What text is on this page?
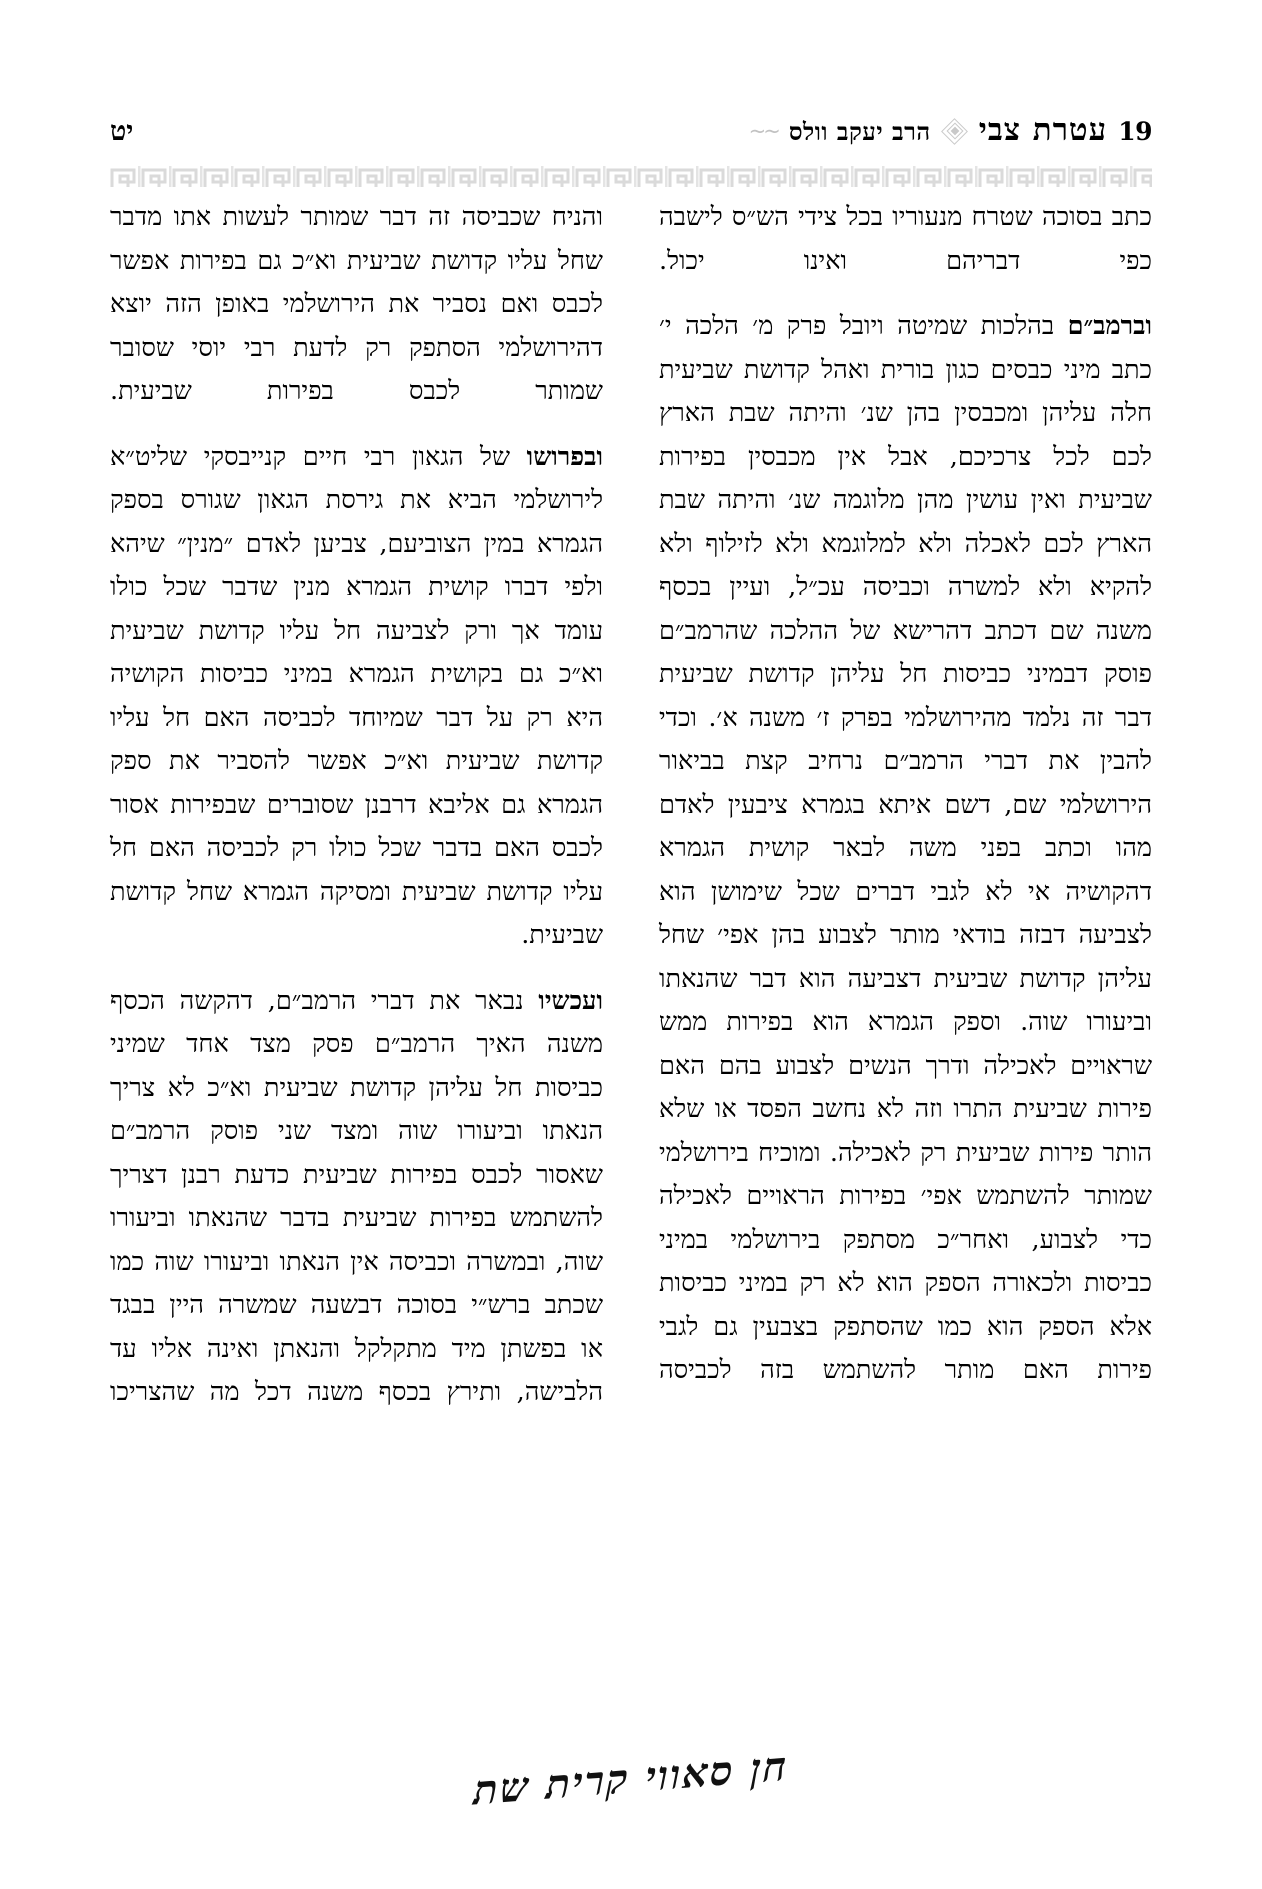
19
עטרת צבי
הרב יעקב וולס
~~
יט

כתב בסוכה שטרח מנעוריו בכל צידי הש״ס לישבה כפי דבריהם ואינו יכול.

וברמב״ם בהלכות שמיטה ויובל פרק מ׳ הלכה י׳ כתב מיני כבסים כגון בורית ואהל קדושת שביעית חלה עליהן ומכבסין בהן שנ׳ והיתה שבת הארץ לכם לכל צרכיכם, אבל אין מכבסין בפירות שביעית ואין עושין מהן מלוגמה שנ׳ והיתה שבת הארץ לכם לאכלה ולא למלוגמא ולא לזילוף ולא להקיא ולא למשרה וכביסה עכ״ל, ועיין בכסף משנה שם דכתב דהרישא של ההלכה שהרמב״ם פוסק דבמיני כביסות חל עליהן קדושת שביעית דבר זה נלמד מהירושלמי בפרק ז׳ משנה א׳. וכדי להבין את דברי הרמב״ם נרחיב קצת בביאור הירושלמי שם, דשם איתא בגמרא ציבעין לאדם מהו וכתב בפני משה לבאר קושית הגמרא דהקושיה אי לא לגבי דברים שכל שימושן הוא לצביעה דבזה בודאי מותר לצבוע בהן אפי׳ שחל עליהן קדושת שביעית דצביעה הוא דבר שהנאתו וביעורו שוה. וספק הגמרא הוא בפירות ממש שראויים לאכילה ודרך הנשים לצבוע בהם האם פירות שביעית התרו וזה לא נחשב הפסד או שלא הותר פירות שביעית רק לאכילה. ומוכיח בירושלמי שמותר להשתמש אפי׳ בפירות הראויים לאכילה כדי לצבוע, ואחר״כ מסתפק בירושלמי במיני כביסות ולכאורה הספק הוא לא רק במיני כביסות אלא הספק הוא כמו שהסתפק בצבעין גם לגבי פירות האם מותר להשתמש בזה לכביסה

והניח שכביסה זה דבר שמותר לעשות אתו מדבר שחל עליו קדושת שביעית וא״כ גם בפירות אפשר לכבס ואם נסביר את הירושלמי באופן הזה יוצא דהירושלמי הסתפק רק לדעת רבי יוסי שסובר שמותר לכבס בפירות שביעית.

ובפרושו של הגאון רבי חיים קנייבסקי שליט״א לירושלמי הביא את גירסת הגאון שגורס בספק הגמרא במין הצוביעם, צביען לאדם ״מנין״ שיהא ולפי דברו קושית הגמרא מנין שדבר שכל כולו עומד אך ורק לצביעה חל עליו קדושת שביעית וא״כ גם בקושית הגמרא במיני כביסות הקושיה היא רק על דבר שמיוחד לכביסה האם חל עליו קדושת שביעית וא״כ אפשר להסביר את ספק הגמרא גם אליבא דרבנן שסוברים שבפירות אסור לכבס האם בדבר שכל כולו רק לכביסה האם חל עליו קדושת שביעית ומסיקה הגמרא שחל קדושת שביעית.

ועכשיו נבאר את דברי הרמב״ם, דהקשה הכסף משנה האיך הרמב״ם פסק מצד אחד שמיני כביסות חל עליהן קדושת שביעית וא״כ לא צריך הנאתו וביעורו שוה ומצד שני פוסק הרמב״ם שאסור לכבס בפירות שביעית כדעת רבנן דצריך להשתמש בפירות שביעית בדבר שהנאתו וביעורו שוה, ובמשרה וכביסה אין הנאתו וביעורו שוה כמו שכתב ברש״י בסוכה דבשעה שמשרה היין בבגד או בפשתן מיד מתקלקל והנאתן ואינה אליו עד הלבישה, ותירץ בכסף משנה דכל מה שהצריכו

חן סאווי קרית שת
